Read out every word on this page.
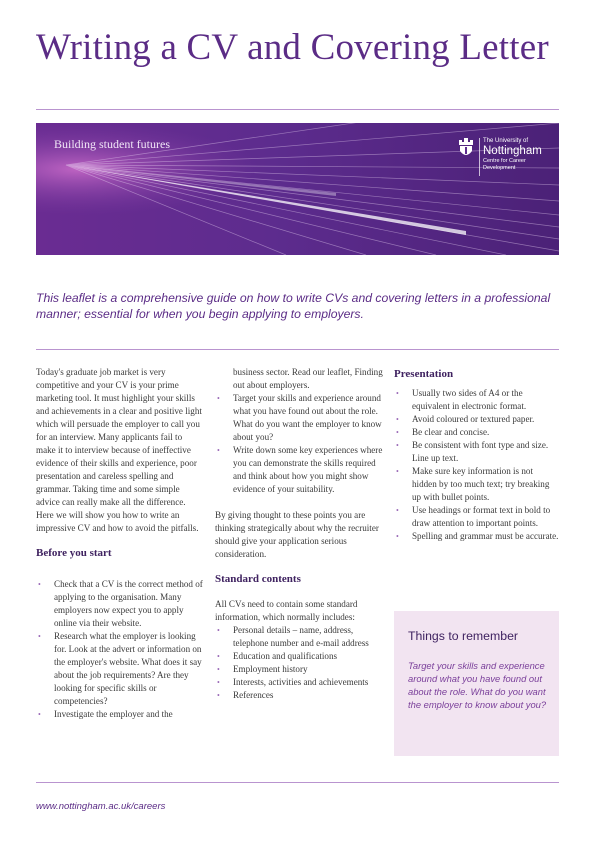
Writing a CV and Covering Letter
Building student futures	The University of
Nottingham
Centre for Career
Development
This leaflet is a comprehensive guide on how to write CVs and covering letters in a professional manner; essential for when you begin applying to employers.

Today's graduate job market is very competitive and your CV is your prime marketing tool. It must highlight your skills and achievements in a clear and positive light which will persuade the employer to call you for an interview. Many applicants fail to make it to interview because of ineffective evidence of their skills and experience, poor presentation and careless spelling and grammar. Taking time and some simple advice can really make all the difference. Here we will show you how to write an impressive CV and how to avoid the pitfalls.

Before you start

• Check that a CV is the correct method of applying to the organisation. Many employers now expect you to apply online via their website.
• Research what the employer is looking for. Look at the advert or information on the employer's website. What does it say about the job requirements? Are they looking for specific skills or competencies?
• Investigate the employer and the

business sector. Read our leaflet, Finding out about employers.

• Target your skills and experience around what you have found out about the role. What do you want the employer to know about you?
• Write down some key experiences where you can demonstrate the skills required and think about how you might show evidence of your suitability.

By giving thought to these points you are thinking strategically about why the recruiter should give your application serious consideration.

Standard contents

All CVs need to contain some standard information, which normally includes:

• Personal details – name, address, telephone number and e-mail address
• Education and qualifications
• Employment history
• Interests, activities and achievements
• References

Presentation

• Usually two sides of A4 or the equivalent in electronic format.
• Avoid coloured or textured paper.
• Be clear and concise.
• Be consistent with font type and size. Line up text.
• Make sure key information is not hidden by too much text; try breaking up with bullet points.
• Use headings or format text in bold to draw attention to important points.
• Spelling and grammar must be accurate.
Things to remember
Target your skills and experience around what you have found out about the role. What do you want the employer to know about you?
www.nottingham.ac.uk/careers
